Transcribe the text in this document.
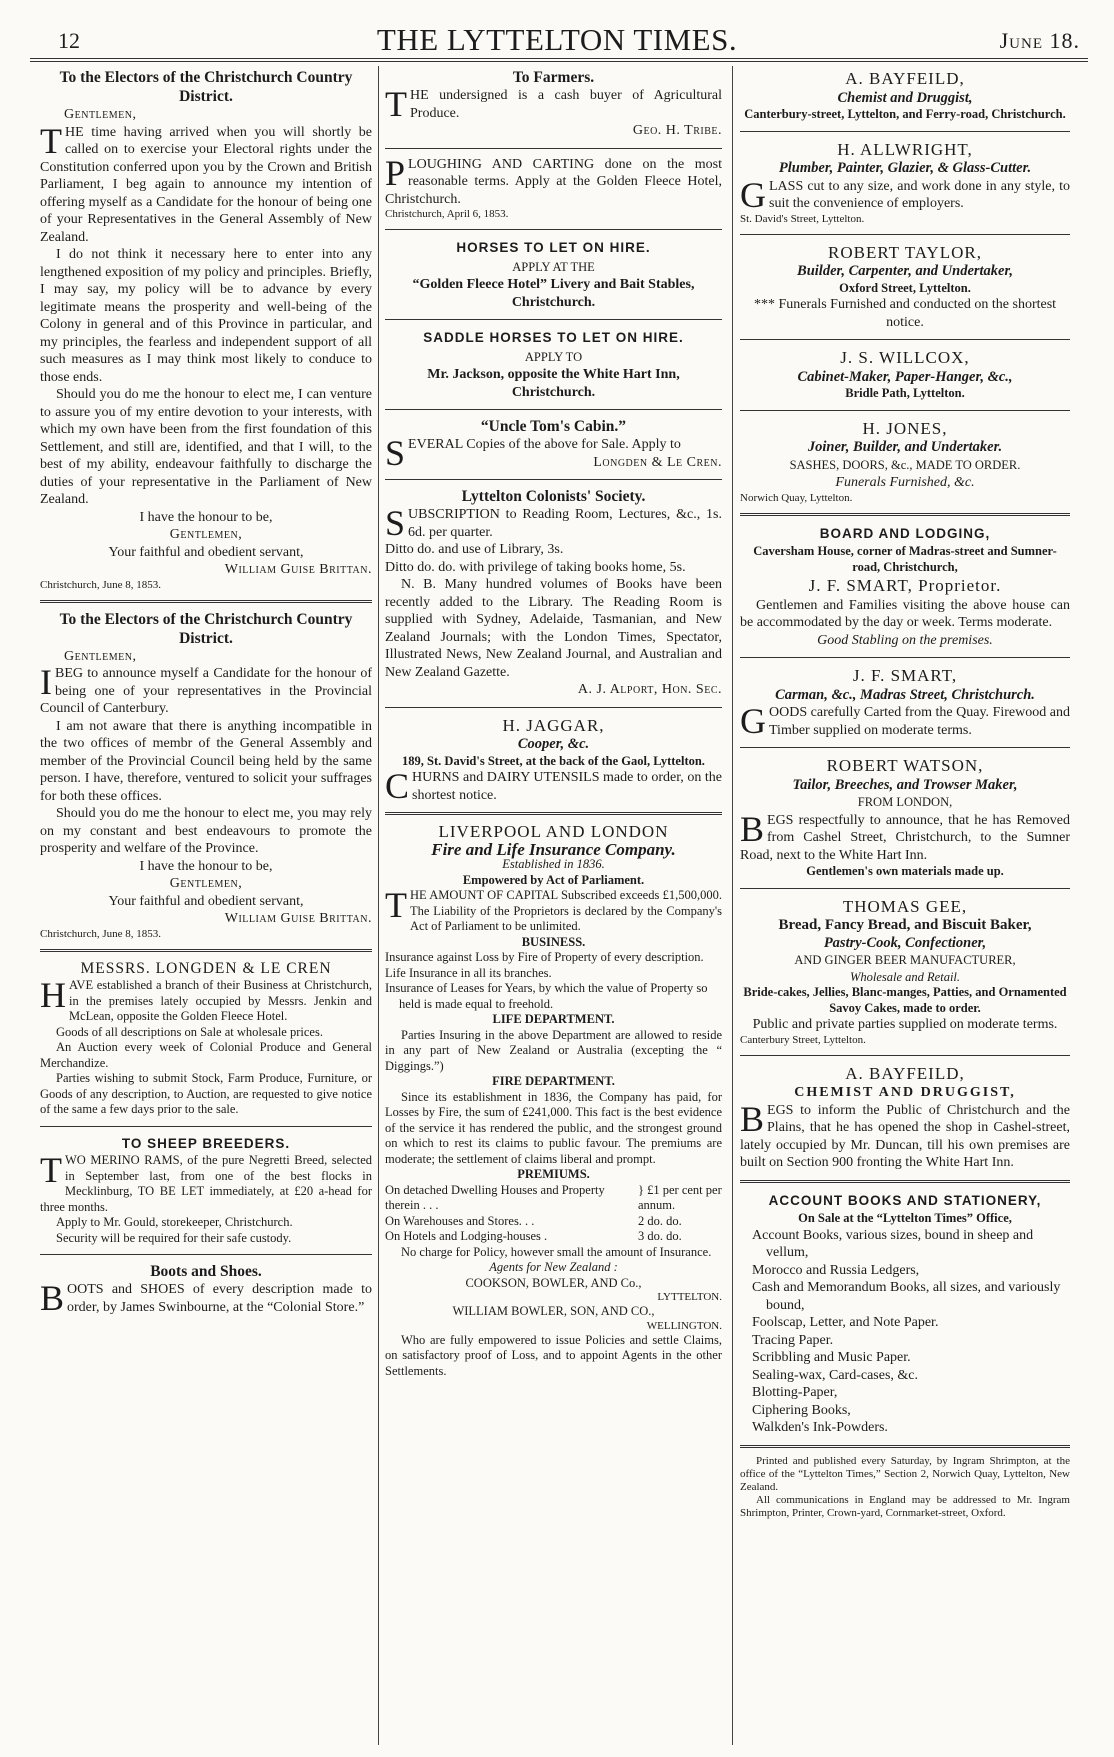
12	THE LYTTELTON TIMES.	June 18.
To the Electors of the Christchurch Country District.
Gentlemen,

THE time having arrived when you will shortly be called on to exercise your Electoral rights under the Constitution conferred upon you by the Crown and British Parliament, I beg again to announce my intention of offering myself as a Candidate for the honour of being one of your Representatives in the General Assembly of New Zealand.

I do not think it necessary here to enter into any lengthened exposition of my policy and principles. Briefly, I may say, my policy will be to advance by every legitimate means the prosperity and well-being of the Colony in general and of this Province in particular, and my principles, the fearless and independent support of all such measures as I may think most likely to conduce to those ends.

Should you do me the honour to elect me, I can venture to assure you of my entire devotion to your interests, with which my own have been from the first foundation of this Settlement, and still are, identified, and that I will, to the best of my ability, endeavour faithfully to discharge the duties of your representative in the Parliament of New Zealand.

I have the honour to be,
Gentlemen,
Your faithful and obedient servant,
William Guise Brittan.
Christchurch, June 8, 1853.
To the Electors of the Christchurch Country District.
Gentlemen,

IBEG to announce myself a Candidate for the honour of being one of your representatives in the Provincial Council of Canterbury.

I am not aware that there is anything incompatible in the two offices of membr of the General Assembly and member of the Provincial Council being held by the same person. I have, therefore, ventured to solicit your suffrages for both these offices.

Should you do me the honour to elect me, you may rely on my constant and best endeavours to promote the prosperity and welfare of the Province.

I have the honour to be,
Gentlemen,
Your faithful and obedient servant,
William Guise Brittan.
Christchurch, June 8, 1853.
MESSRS. LONGDEN & LE CREN

HAVE established a branch of their Business at Christchurch, in the premises lately occupied by Messrs. Jenkin and McLean, opposite the Golden Fleece Hotel.

Goods of all descriptions on Sale at wholesale prices.

An Auction every week of Colonial Produce and General Merchandize.

Parties wishing to submit Stock, Farm Produce, Furniture, or Goods of any description, to Auction, are requested to give notice of the same a few days prior to the sale.

TO SHEEP BREEDERS.

TWO MERINO RAMS, of the pure Negretti Breed, selected in September last, from one of the best flocks in Mecklinburg, TO BE LET immediately, at £20 a-head for three months.

Apply to Mr. Gould, storekeeper, Christchurch.

Security will be required for their safe custody.

Boots and Shoes.

BOOTS and SHOES of every description made to order, by James Swinbourne, at the “Colonial Store.”

To Farmers.

THE undersigned is a cash buyer of Agricultural Produce.

Geo. H. Tribe.

PLOUGHING AND CARTING done on the most reasonable terms. Apply at the Golden Fleece Hotel, Christchurch.

Christchurch, April 6, 1853.
HORSES TO LET ON HIRE.
APPLY AT THE
“Golden Fleece Hotel” Livery and Bait Stables, Christchurch.
SADDLE HORSES TO LET ON HIRE.
APPLY TO
Mr. Jackson, opposite the White Hart Inn, Christchurch.
“Uncle Tom's Cabin.”

SEVERAL Copies of the above for Sale. Apply to

Longden & Le Cren.
Lyttelton Colonists' Society.

SUBSCRIPTION to Reading Room, Lectures, &c., 1s. 6d. per quarter.

Ditto do. and use of Library, 3s.

Ditto do. do. with privilege of taking books home, 5s.

N. B. Many hundred volumes of Books have been recently added to the Library. The Reading Room is supplied with Sydney, Adelaide, Tasmanian, and New Zealand Journals; with the London Times, Spectator, Illustrated News, New Zealand Journal, and Australian and New Zealand Gazette.

A. J. Alport, Hon. Sec.
H. JAGGAR,
Cooper, &c.
189, St. David's Street, at the back of the Gaol, Lyttelton.

CHURNS and DAIRY UTENSILS made to order, on the shortest notice.

LIVERPOOL AND LONDON
Fire and Life Insurance Company.
Established in 1836.
Empowered by Act of Parliament.

THE AMOUNT OF CAPITAL Subscribed exceeds £1,500,000. The Liability of the Proprietors is declared by the Company's Act of Parliament to be unlimited.

BUSINESS.

Insurance against Loss by Fire of Property of every description.

Life Insurance in all its branches.

Insurance of Leases for Years, by which the value of Property so held is made equal to freehold.

LIFE DEPARTMENT.

Parties Insuring in the above Department are allowed to reside in any part of New Zealand or Australia (excepting the “ Diggings.”)

FIRE DEPARTMENT.

Since its establishment in 1836, the Company has paid, for Losses by Fire, the sum of £241,000. This fact is the best evidence of the service it has rendered the public, and the strongest ground on which to rest its claims to public favour. The premiums are moderate; the settlement of claims liberal and prompt.

PREMIUMS.
On detached Dwelling Houses and Property therein . . .
} £1 per cent per annum.
On Warehouses and Stores. . .	2 do. do.
On Hotels and Lodging-houses .	3 do. do.

No charge for Policy, however small the amount of Insurance.

Agents for New Zealand :
COOKSON, BOWLER, AND Co.,
LYTTELTON.
WILLIAM BOWLER, SON, AND CO.,
WELLINGTON.

Who are fully empowered to issue Policies and settle Claims, on satisfactory proof of Loss, and to appoint Agents in the other Settlements.

A. BAYFEILD,
Chemist and Druggist,
Canterbury-street, Lyttelton, and Ferry-road, Christchurch.
H. ALLWRIGHT,
Plumber, Painter, Glazier, & Glass-Cutter.

GLASS cut to any size, and work done in any style, to suit the convenience of employers.

St. David's Street, Lyttelton.
ROBERT TAYLOR,
Builder, Carpenter, and Undertaker,
Oxford Street, Lyttelton.
*** Funerals Furnished and conducted on the shortest notice.
J. S. WILLCOX,
Cabinet-Maker, Paper-Hanger, &c.,
Bridle Path, Lyttelton.
H. JONES,
Joiner, Builder, and Undertaker.
SASHES, DOORS, &c., MADE TO ORDER.
Funerals Furnished, &c.
Norwich Quay, Lyttelton.
BOARD AND LODGING,
Caversham House, corner of Madras-street and Sumner-road, Christchurch,
J. F. SMART, Proprietor.

Gentlemen and Families visiting the above house can be accommodated by the day or week. Terms moderate.

Good Stabling on the premises.
J. F. SMART,
Carman, &c., Madras Street, Christchurch.

GOODS carefully Carted from the Quay. Firewood and Timber supplied on moderate terms.

ROBERT WATSON,
Tailor, Breeches, and Trowser Maker,
FROM LONDON,

BEGS respectfully to announce, that he has Removed from Cashel Street, Christchurch, to the Sumner Road, next to the White Hart Inn.

Gentlemen's own materials made up.
THOMAS GEE,
Bread, Fancy Bread, and Biscuit Baker,
Pastry-Cook, Confectioner,
AND GINGER BEER MANUFACTURER,
Wholesale and Retail.
Bride-cakes, Jellies, Blanc-manges, Patties, and Ornamented Savoy Cakes, made to order.
Public and private parties supplied on moderate terms.
Canterbury Street, Lyttelton.
A. BAYFEILD,
CHEMIST AND DRUGGIST,

BEGS to inform the Public of Christchurch and the Plains, that he has opened the shop in Cashel-street, lately occupied by Mr. Duncan, till his own premises are built on Section 900 fronting the White Hart Inn.

ACCOUNT BOOKS AND STATIONERY,
On Sale at the “Lyttelton Times” Office,

Account Books, various sizes, bound in sheep and vellum,

Morocco and Russia Ledgers,

Cash and Memorandum Books, all sizes, and variously bound,

Foolscap, Letter, and Note Paper.

Tracing Paper.

Scribbling and Music Paper.

Sealing-wax, Card-cases, &c.

Blotting-Paper,

Ciphering Books,

Walkden's Ink-Powders.

Printed and published every Saturday, by Ingram Shrimpton, at the office of the “Lyttelton Times,” Section 2, Norwich Quay, Lyttelton, New Zealand.

All communications in England may be addressed to Mr. Ingram Shrimpton, Printer, Crown-yard, Cornmarket-street, Oxford.
